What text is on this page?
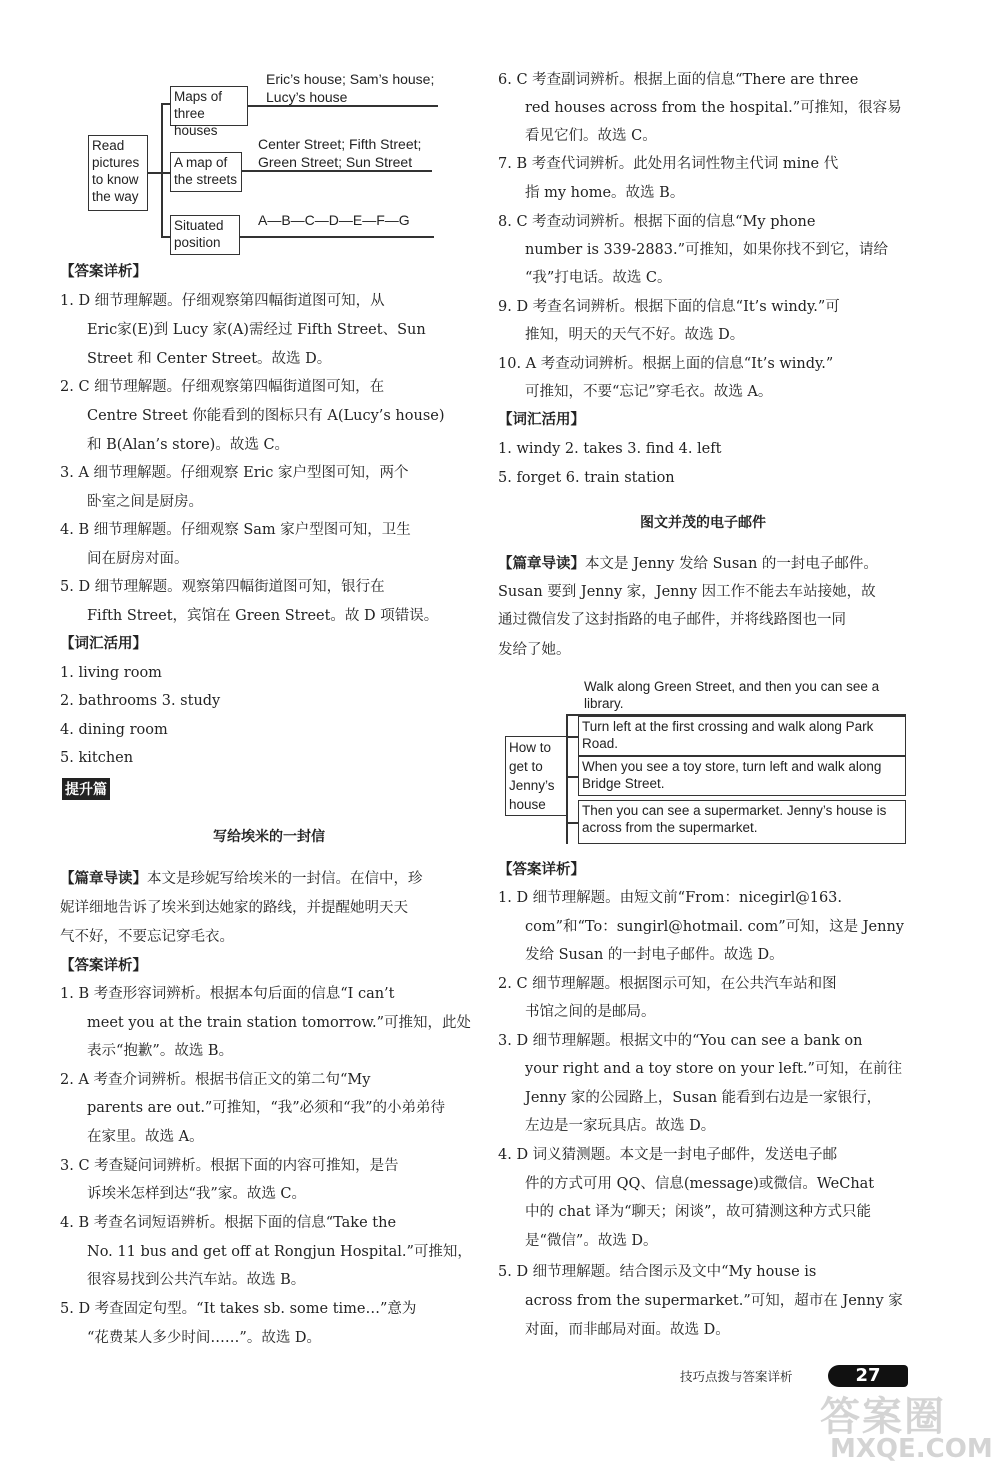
Read pictures to know the way
Maps of three houses
Eric’s house; Sam’s house; Lucy’s house
A map of the streets
Center Street; Fifth Street; Green Street; Sun Street
Situated position
A—B—C—D—E—F—G
【答案详析】
1. D 细节理解题。仔细观察第四幅街道图可知，从
Eric家(E)到 Lucy 家(A)需经过 Fifth Street、Sun
Street 和 Center Street。故选 D。
2. C 细节理解题。仔细观察第四幅街道图可知，在
Centre Street 你能看到的图标只有 A(Lucy’s house)
和 B(Alan’s store)。故选 C。
3. A 细节理解题。仔细观察 Eric 家户型图可知，两个
卧室之间是厨房。
4. B 细节理解题。仔细观察 Sam 家户型图可知，卫生
间在厨房对面。
5. D 细节理解题。观察第四幅街道图可知，银行在
Fifth Street，宾馆在 Green Street。故 D 项错误。
【词汇活用】
1. living room
2. bathrooms 3. study
4. dining room
5. kitchen
提升篇
写给埃米的一封信
【篇章导读】本文是珍妮写给埃米的一封信。在信中，珍
妮详细地告诉了埃米到达她家的路线，并提醒她明天天
气不好，不要忘记穿毛衣。
【答案详析】
1. B 考查形容词辨析。根据本句后面的信息“I can’t
meet you at the train station tomorrow.”可推知，此处
表示“抱歉”。故选 B。
2. A 考查介词辨析。根据书信正文的第二句“My
parents are out.”可推知，“我”必须和“我”的小弟弟待
在家里。故选 A。
3. C 考查疑问词辨析。根据下面的内容可推知，是告
诉埃米怎样到达“我”家。故选 C。
4. B 考查名词短语辨析。根据下面的信息“Take the
No. 11 bus and get off at Rongjun Hospital.”可推知，
很容易找到公共汽车站。故选 B。
5. D 考查固定句型。“It takes sb. some time…”意为
“花费某人多少时间……”。故选 D。
6. C 考查副词辨析。根据上面的信息“There are three
red houses across from the hospital.”可推知，很容易
看见它们。故选 C。
7. B 考查代词辨析。此处用名词性物主代词 mine 代
指 my home。故选 B。
8. C 考查动词辨析。根据下面的信息“My phone
number is 339-2883.”可推知，如果你找不到它，请给
“我”打电话。故选 C。
9. D 考查名词辨析。根据下面的信息“It’s windy.”可
推知，明天的天气不好。故选 D。
10. A 考查动词辨析。根据上面的信息“It’s windy.”
可推知，不要“忘记”穿毛衣。故选 A。
【词汇活用】
1. windy 2. takes 3. find 4. left
5. forget 6. train station
图文并茂的电子邮件
【篇章导读】本文是 Jenny 发给 Susan 的一封电子邮件。
Susan 要到 Jenny 家，Jenny 因工作不能去车站接她，故
通过微信发了这封指路的电子邮件，并将线路图也一同
发给了她。
Walk along Green Street, and then you can see a library.
How to get to Jenny’s house
Turn left at the first crossing and walk along Park Road.
When you see a toy store, turn left and walk along Bridge Street.
Then you can see a supermarket. Jenny’s house is across from the supermarket.
【答案详析】
1. D 细节理解题。由短文前“From：nicegirl@163.
com”和“To：sungirl@hotmail. com”可知，这是 Jenny
发给 Susan 的一封电子邮件。故选 D。
2. C 细节理解题。根据图示可知，在公共汽车站和图
书馆之间的是邮局。
3. D 细节理解题。根据文中的“You can see a bank on
your right and a toy store on your left.”可知，在前往
Jenny 家的公园路上，Susan 能看到右边是一家银行，
左边是一家玩具店。故选 D。
4. D 词义猜测题。本文是一封电子邮件，发送电子邮
件的方式可用 QQ、信息(message)或微信。WeChat
中的 chat 译为“聊天；闲谈”，故可猜测这种方式只能
是“微信”。故选 D。
5. D 细节理解题。结合图示及文中“My house is
across from the supermarket.”可知，超市在 Jenny 家
对面，而非邮局对面。故选 D。
技巧点拨与答案详析	27
答案圈
MXQE.COM
